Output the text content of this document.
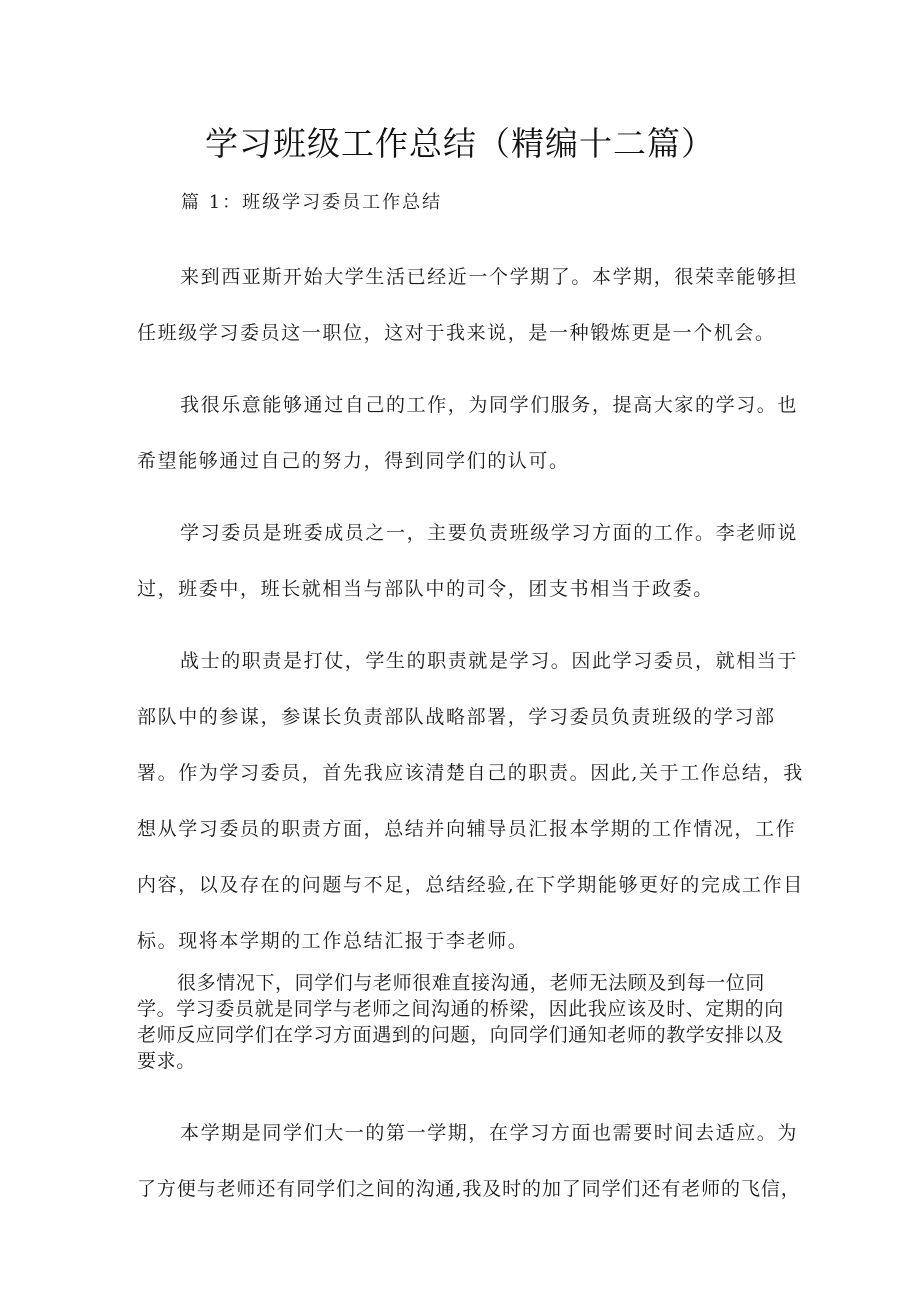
学习班级工作总结（精编十二篇）
篇 1：班级学习委员工作总结
来到西亚斯开始大学生活已经近一个学期了。本学期，很荣幸能够担
任班级学习委员这一职位，这对于我来说，是一种锻炼更是一个机会。
我很乐意能够通过自己的工作，为同学们服务，提高大家的学习。也
希望能够通过自己的努力，得到同学们的认可。
学习委员是班委成员之一，主要负责班级学习方面的工作。李老师说
过，班委中，班长就相当与部队中的司令，团支书相当于政委。
战士的职责是打仗，学生的职责就是学习。因此学习委员，就相当于
部队中的参谋，参谋长负责部队战略部署，学习委员负责班级的学习部
署。作为学习委员，首先我应该清楚自己的职责。因此,关于工作总结，我
想从学习委员的职责方面，总结并向辅导员汇报本学期的工作情况，工作
内容，以及存在的问题与不足，总结经验,在下学期能够更好的完成工作目
标。现将本学期的工作总结汇报于李老师。

很多情况下，同学们与老师很难直接沟通，老师无法顾及到每一位同学。学习委员就是同学与老师之间沟通的桥梁，因此我应该及时、定期的向老师反应同学们在学习方面遇到的问题，向同学们通知老师的教学安排以及要求。

本学期是同学们大一的第一学期，在学习方面也需要时间去适应。为
了方便与老师还有同学们之间的沟通,我及时的加了同学们还有老师的飞信，
